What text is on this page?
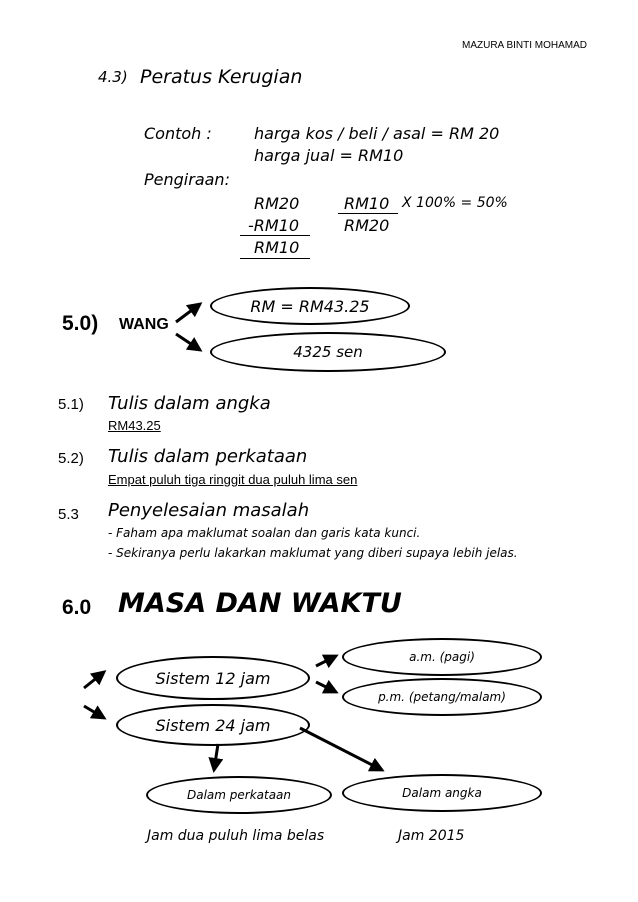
MAZURA BINTI MOHAMAD
4.3) Peratus Kerugian
Contoh :	harga kos / beli / asal = RM 20
harga jual = RM10
Pengiraan:
RM20
-RM10
RM10
RM10
RM20
X 100% = 50%
5.0) WANG
RM = RM43.25
4325 sen
5.1) Tulis dalam angka
RM43.25
5.2) Tulis dalam perkataan
Empat puluh tiga ringgit dua puluh lima sen
5.3 Penyelesaian masalah
- Faham apa maklumat soalan dan garis kata kunci.
- Sekiranya perlu lakarkan maklumat yang diberi supaya lebih jelas.
6.0 MASA DAN WAKTU
Sistem 12 jam
Sistem 24 jam
a.m. (pagi)
p.m. (petang/malam)
Dalam perkataan	Dalam angka
Jam dua puluh lima belas	Jam 2015
